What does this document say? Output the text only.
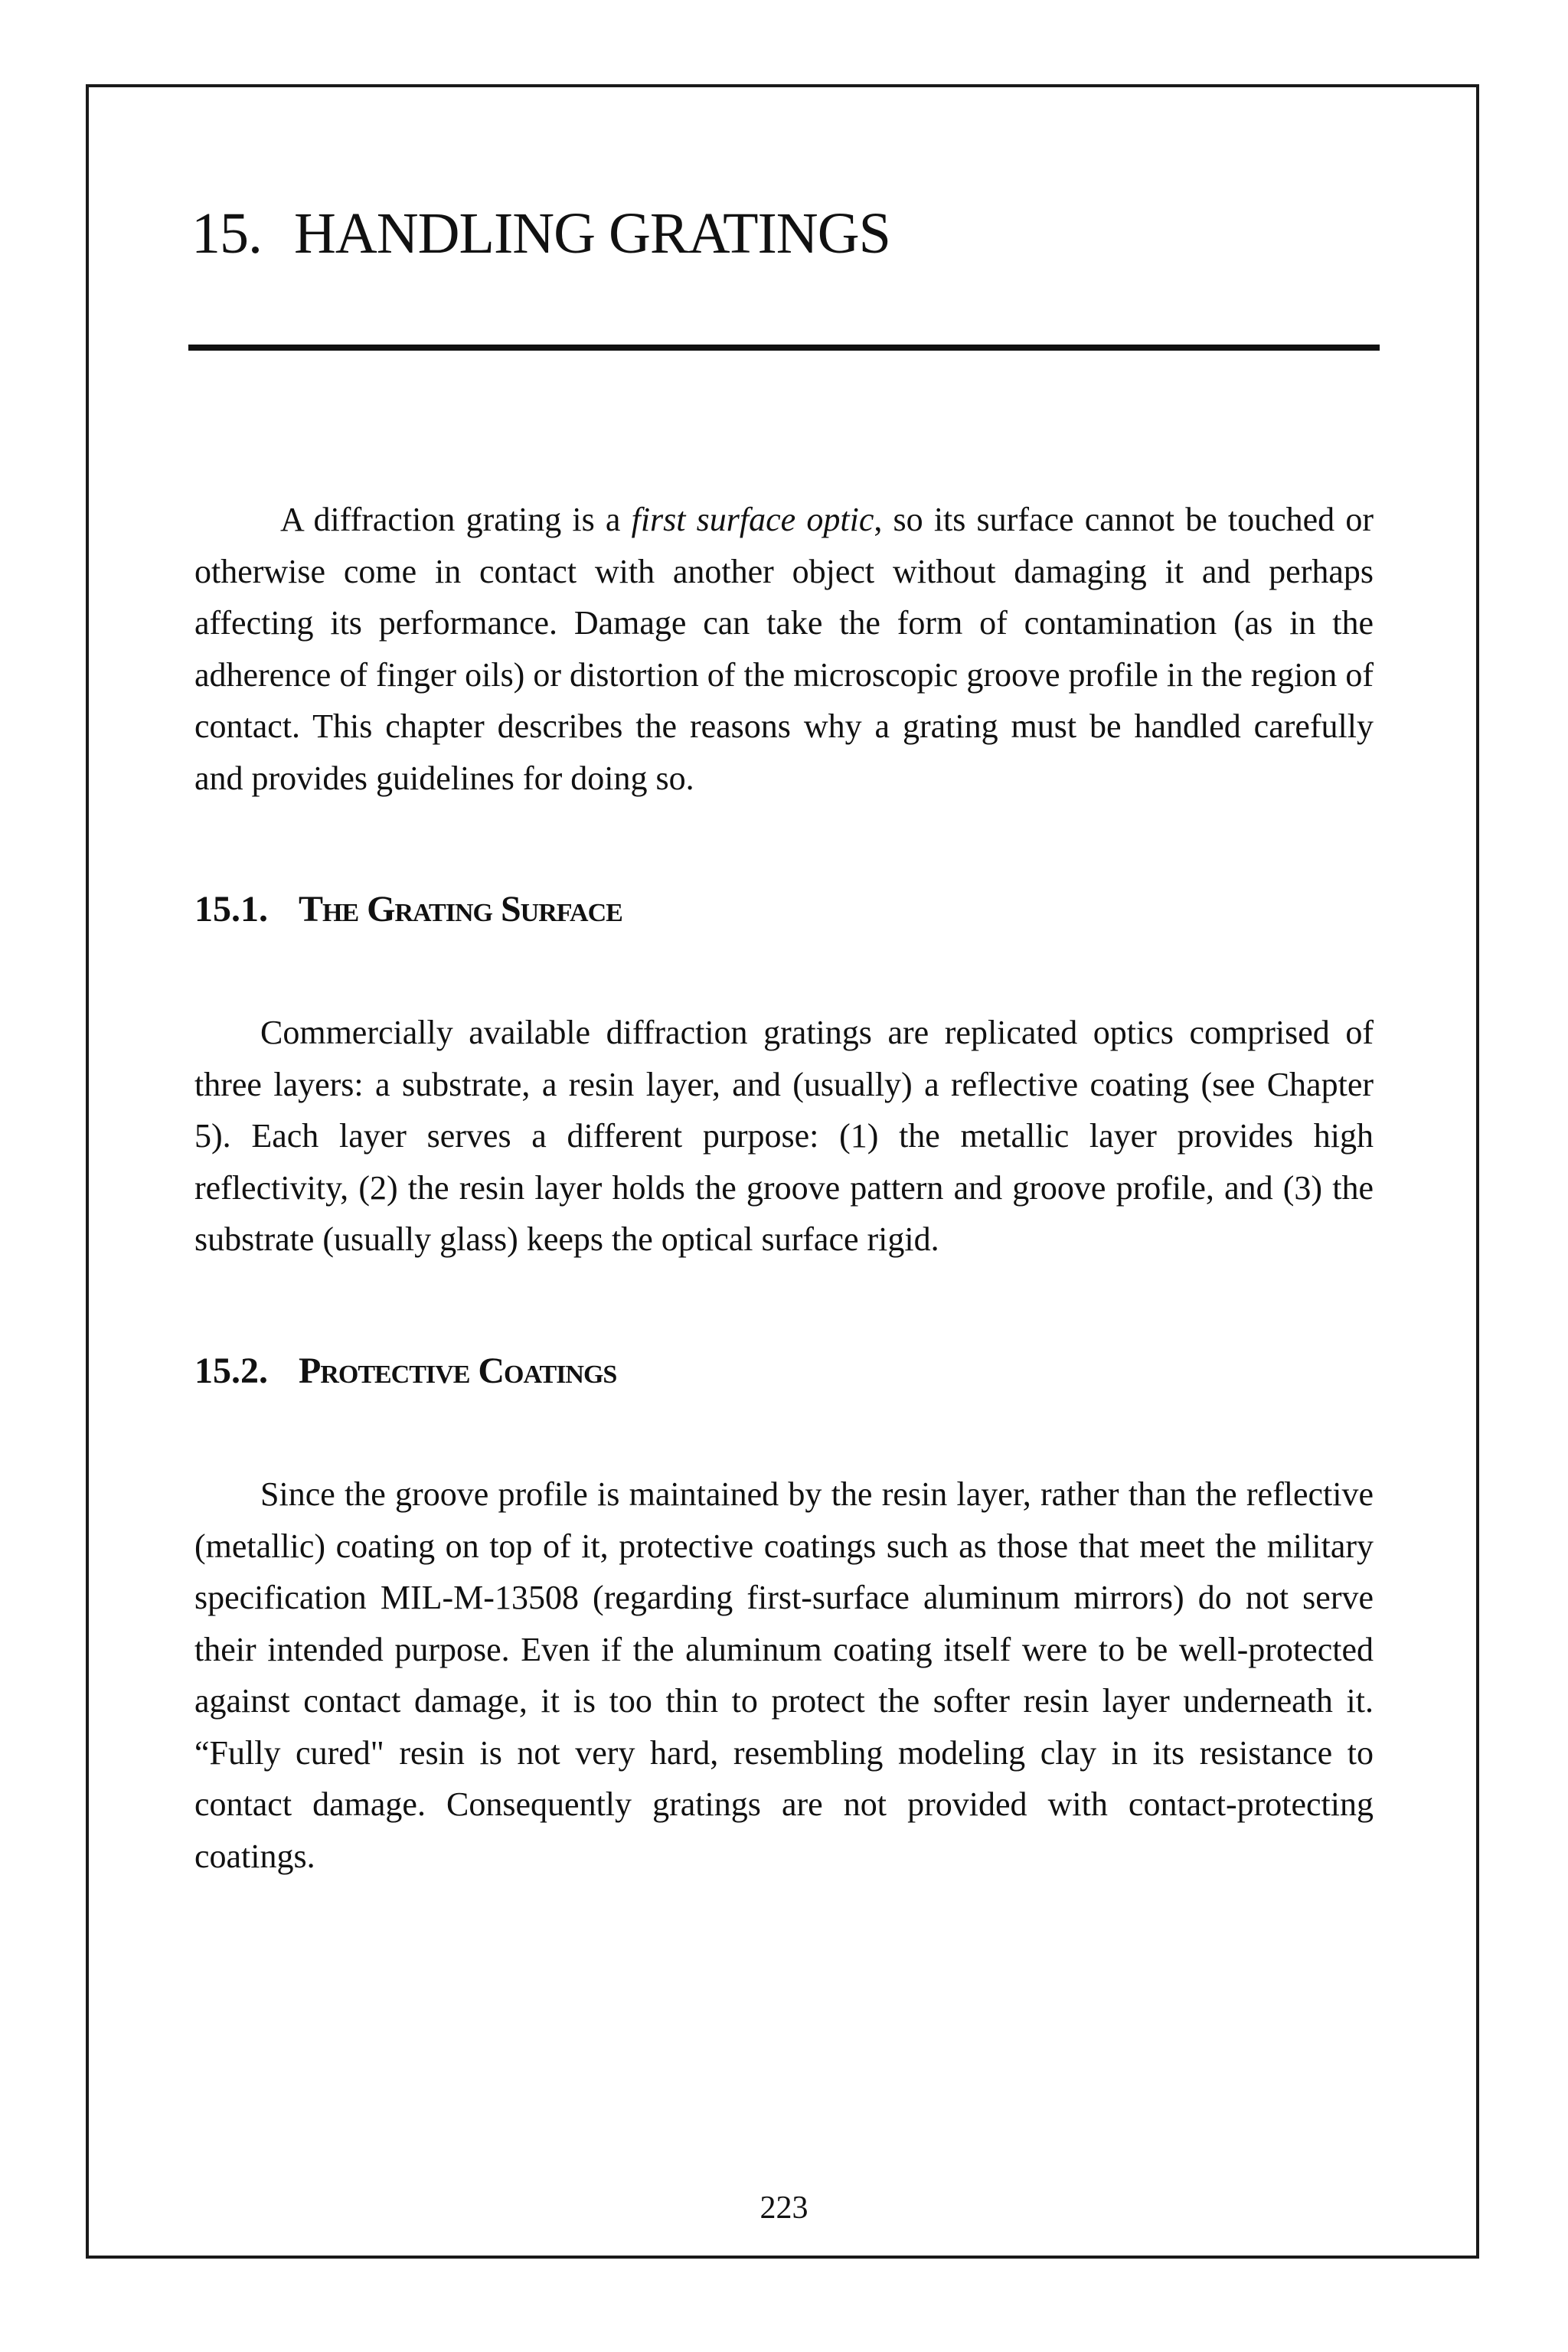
15. HANDLING GRATINGS

A diffraction grating is a first surface optic, so its surface cannot be touched or otherwise come in contact with another object without damaging it and perhaps affecting its performance. Damage can take the form of contamination (as in the adherence of finger oils) or distortion of the microscopic groove profile in the region of contact. This chapter describes the reasons why a grating must be handled carefully and provides guidelines for doing so.

15.1. The Grating Surface

Commercially available diffraction gratings are replicated optics comprised of three layers: a substrate, a resin layer, and (usually) a reflective coating (see Chapter 5). Each layer serves a different purpose: (1) the metallic layer provides high reflectivity, (2) the resin layer holds the groove pattern and groove profile, and (3) the substrate (usually glass) keeps the optical surface rigid.

15.2. Protective Coatings

Since the groove profile is maintained by the resin layer, rather than the reflective (metallic) coating on top of it, protective coatings such as those that meet the military specification MIL-M-13508 (regarding first-surface aluminum mirrors) do not serve their intended purpose. Even if the aluminum coating itself were to be well-protected against contact damage, it is too thin to protect the softer resin layer underneath it. “Fully cured" resin is not very hard, resembling modeling clay in its resistance to contact damage. Consequently gratings are not provided with contact-protecting coatings.

223
